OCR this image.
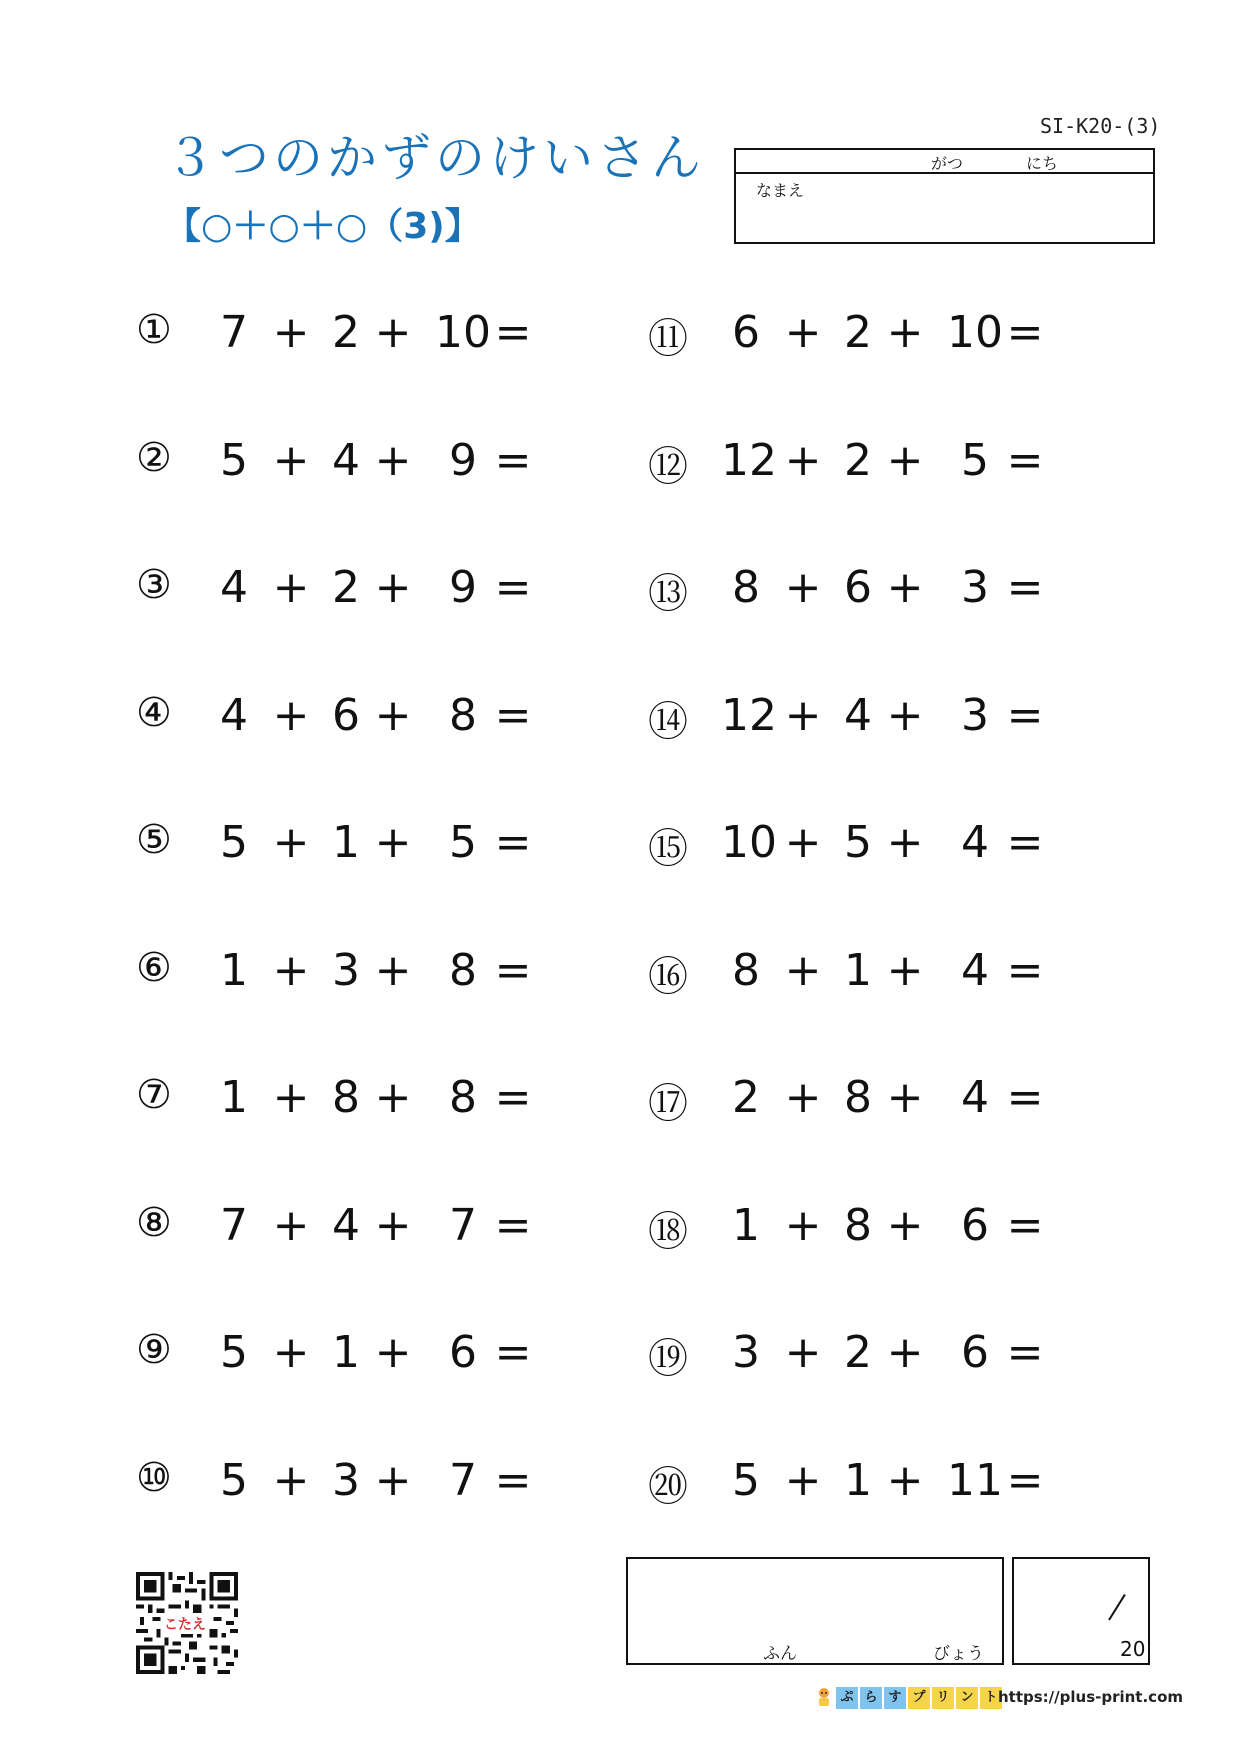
３つのかずのけいさん
【○＋○＋○（3)】
SI-K20-(3)
がつ	にち
なまえ
① 7 + 2 + 10 =
② 5 + 4 + 9 =
③ 4 + 2 + 9 =
④ 4 + 6 + 8 =
⑤ 5 + 1 + 5 =
⑥ 1 + 3 + 8 =
⑦ 1 + 8 + 8 =
⑧ 7 + 4 + 7 =
⑨ 5 + 1 + 6 =
⑩ 5 + 3 + 7 =
⑪ 6 + 2 + 10 =
⑫ 12 + 2 + 5 =
⑬ 8 + 6 + 3 =
⑭ 12 + 4 + 3 =
⑮ 10 + 5 + 4 =
⑯ 8 + 1 + 4 =
⑰ 2 + 8 + 4 =
⑱ 1 + 8 + 6 =
⑲ 3 + 2 + 6 =
⑳ 5 + 1 + 11 =
ふん	びょう	20
こたえ
ぷ ら す プ リ ン ト https://plus-print.com
